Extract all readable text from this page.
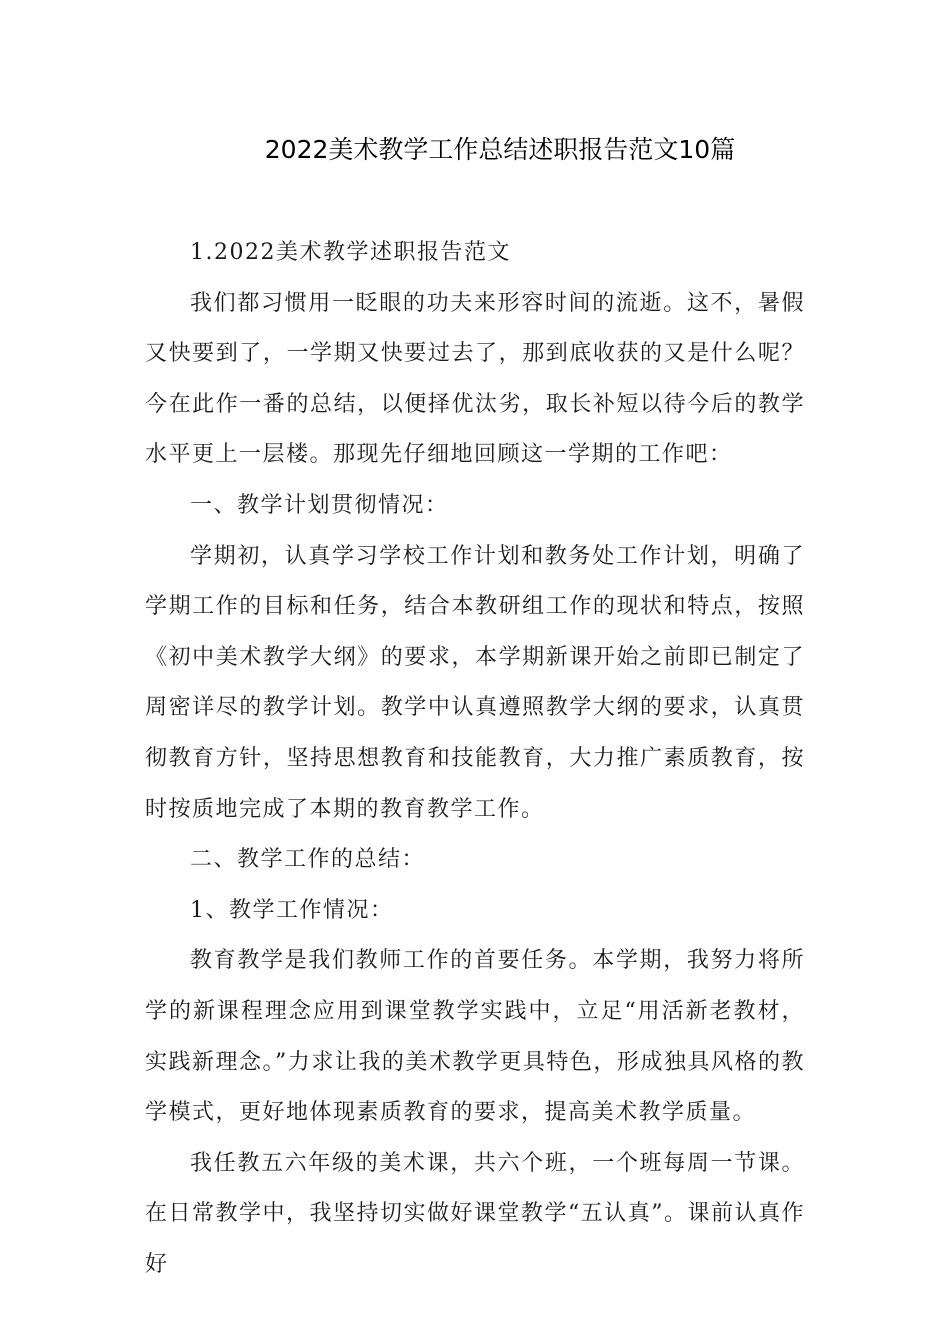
2022美术教学工作总结述职报告范文10篇

1.2022美术教学述职报告范文

我们都习惯用一眨眼的功夫来形容时间的流逝。这不，暑假又快要到了，一学期又快要过去了，那到底收获的又是什么呢？今在此作一番的总结，以便择优汰劣，取长补短以待今后的教学水平更上一层楼。那现先仔细地回顾这一学期的工作吧：

一、教学计划贯彻情况：

学期初，认真学习学校工作计划和教务处工作计划，明确了学期工作的目标和任务，结合本教研组工作的现状和特点，按照《初中美术教学大纲》的要求，本学期新课开始之前即已制定了周密详尽的教学计划。教学中认真遵照教学大纲的要求，认真贯彻教育方针，坚持思想教育和技能教育，大力推广素质教育，按时按质地完成了本期的教育教学工作。

二、教学工作的总结：

1、教学工作情况：

教育教学是我们教师工作的首要任务。本学期，我努力将所学的新课程理念应用到课堂教学实践中，立足“用活新老教材，实践新理念。”力求让我的美术教学更具特色，形成独具风格的教学模式，更好地体现素质教育的要求，提高美术教学质量。

我任教五六年级的美术课，共六个班，一个班每周一节课。在日常教学中，我坚持切实做好课堂教学“五认真”。课前认真作好
